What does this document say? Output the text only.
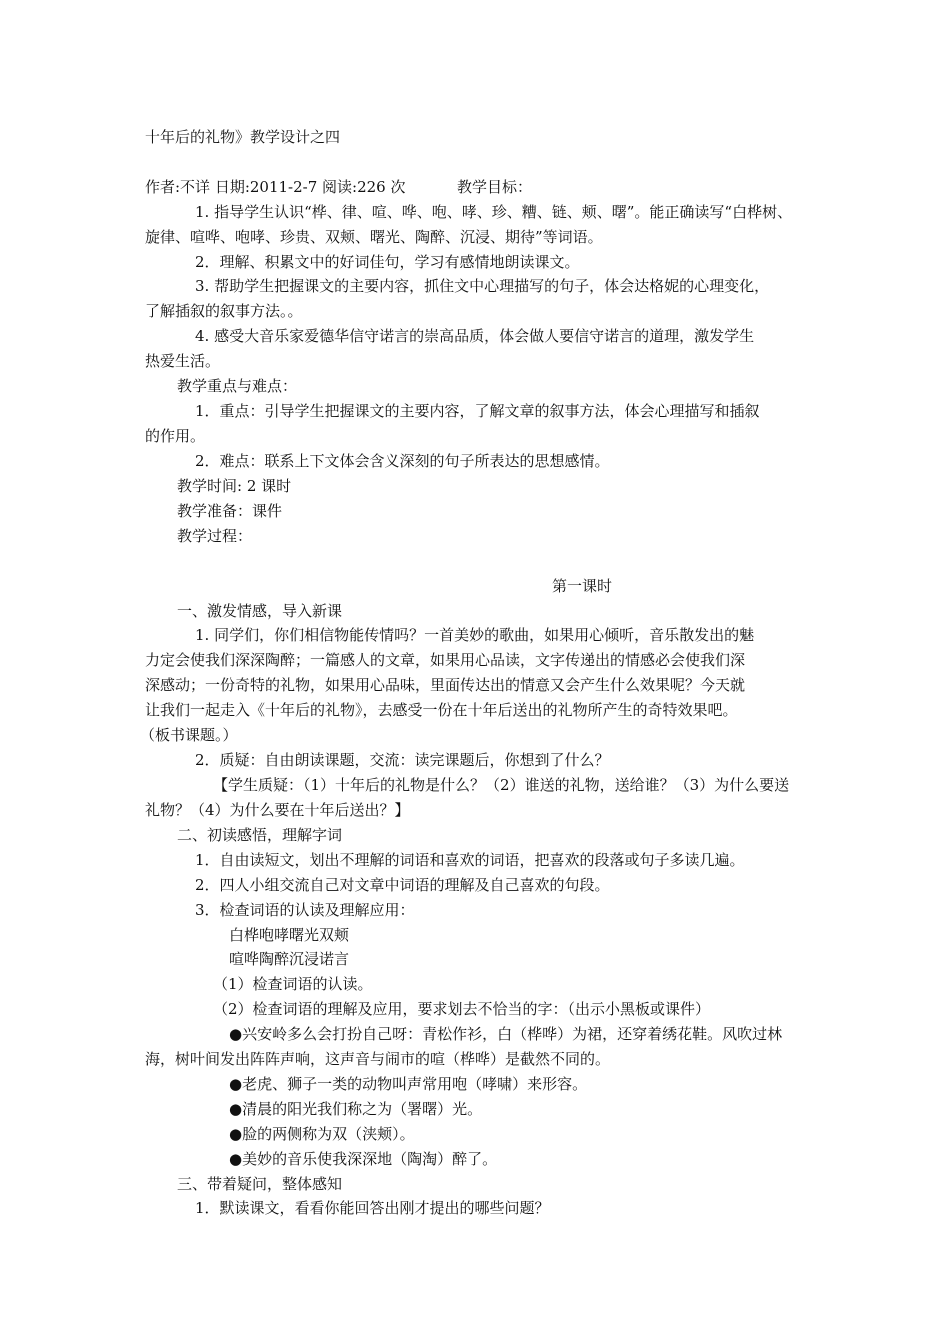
十年后的礼物》教学设计之四
作者:不详 日期:2011-2-7 阅读:226 次	教学目标：
1. 指导学生认识“桦、律、喧、哗、咆、哮、珍、糟、链、颊、曙”。能正确读写“白桦树、
旋律、喧哗、咆哮、珍贵、双颊、曙光、陶醉、沉浸、期待”等词语。
2．理解、积累文中的好词佳句，学习有感情地朗读课文。
3. 帮助学生把握课文的主要内容，抓住文中心理描写的句子，体会达格妮的心理变化，
了解插叙的叙事方法。。
4. 感受大音乐家爱德华信守诺言的崇高品质，体会做人要信守诺言的道理，激发学生
热爱生活。
教学重点与难点：
1．重点：引导学生把握课文的主要内容，了解文章的叙事方法，体会心理描写和插叙
的作用。
2．难点：联系上下文体会含义深刻的句子所表达的思想感情。
教学时间: 2 课时
教学准备：课件
教学过程：
第一课时
一、激发情感，导入新课
1. 同学们，你们相信物能传情吗？一首美妙的歌曲，如果用心倾听，音乐散发出的魅
力定会使我们深深陶醉；一篇感人的文章，如果用心品读，文字传递出的情感必会使我们深
深感动；一份奇特的礼物，如果用心品味，里面传达出的情意又会产生什么效果呢？今天就
让我们一起走入《十年后的礼物》，去感受一份在十年后送出的礼物所产生的奇特效果吧。
（板书课题。）
2．质疑：自由朗读课题，交流：读完课题后，你想到了什么？
【学生质疑：（1）十年后的礼物是什么？（2）谁送的礼物，送给谁？（3）为什么要送
礼物？（4）为什么要在十年后送出？】
二、初读感悟，理解字词
1．自由读短文，划出不理解的词语和喜欢的词语，把喜欢的段落或句子多读几遍。
2．四人小组交流自己对文章中词语的理解及自己喜欢的句段。
3．检查词语的认读及理解应用：
白桦咆哮曙光双颊
喧哗陶醉沉浸诺言
（1）检查词语的认读。
（2）检查词语的理解及应用，要求划去不恰当的字：（出示小黑板或课件）
●兴安岭多么会打扮自己呀：青松作衫，白（桦哗）为裙，还穿着绣花鞋。风吹过林
海，树叶间发出阵阵声响，这声音与闹市的喧（桦哗）是截然不同的。
●老虎、狮子一类的动物叫声常用咆（哮啸）来形容。
●清晨的阳光我们称之为（署曙）光。
●脸的两侧称为双（浃颊）。
●美妙的音乐使我深深地（陶淘）醉了。
三、带着疑问，整体感知
1．默读课文，看看你能回答出刚才提出的哪些问题？
